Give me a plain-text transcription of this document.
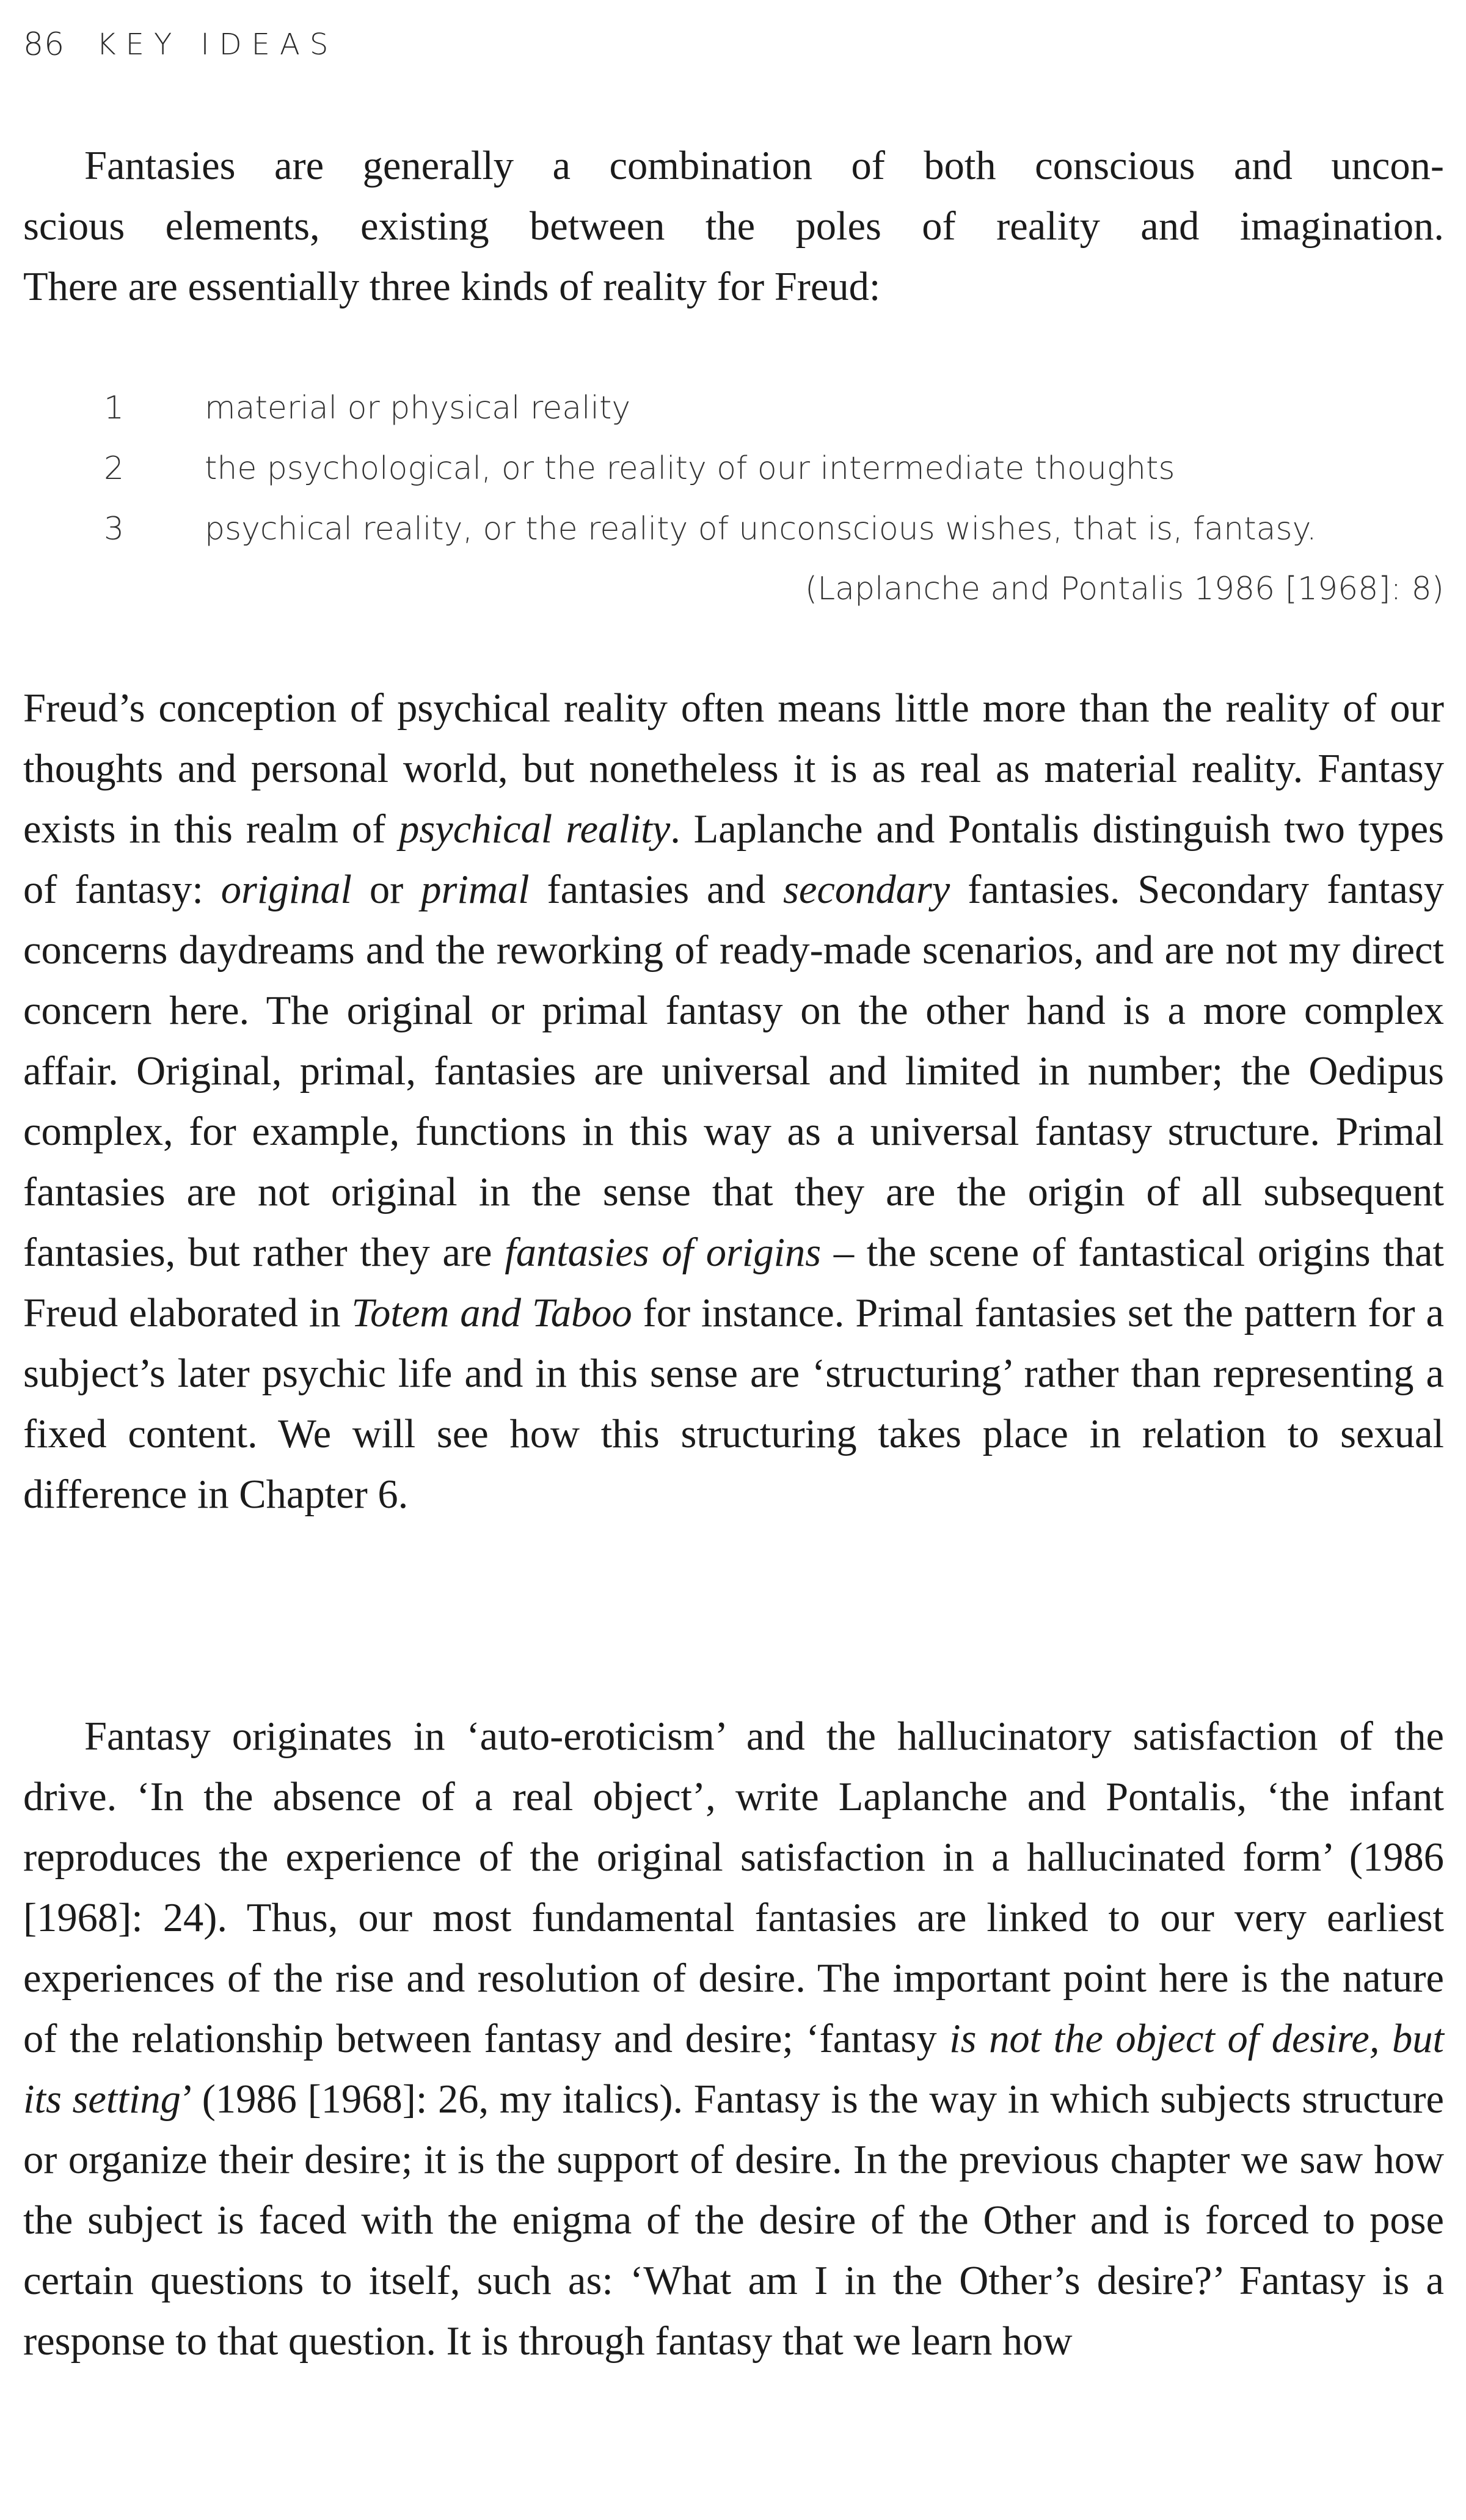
86 KEY IDEAS
Fantasies are generally a combination of both conscious and uncon-
scious elements, existing between the poles of reality and imagination.
There are essentially three kinds of reality for Freud:
1	material or physical reality
2	the psychological, or the reality of our intermediate thoughts
3	psychical reality, or the reality of unconscious wishes, that is, fantasy.
(Laplanche and Pontalis 1986 [1968]: 8)

Freud’s conception of psychical reality often means little more than the reality of our thoughts and personal world, but nonetheless it is as real as material reality. Fantasy exists in this realm of psychical reality. Laplanche and Pontalis distinguish two types of fantasy: original or primal fantasies and secondary fantasies. Secondary fantasy concerns daydreams and the reworking of ready-made scenarios, and are not my direct concern here. The original or primal fantasy on the other hand is a more complex affair. Original, primal, fantasies are universal and limited in number; the Oedipus complex, for example, functions in this way as a universal fantasy structure. Primal fantasies are not original in the sense that they are the origin of all subsequent fantasies, but rather they are fantasies of origins – the scene of fantastical origins that Freud elaborated in Totem and Taboo for instance. Primal fantasies set the pattern for a subject’s later psychic life and in this sense are ‘structuring’ rather than representing a fixed content. We will see how this structuring takes place in relation to sexual difference in Chapter 6.

Fantasy originates in ‘auto-eroticism’ and the hallucinatory satisfaction of the drive. ‘In the absence of a real object’, write Laplanche and Pontalis, ‘the infant reproduces the experience of the original satisfaction in a hallucinated form’ (1986 [1968]: 24). Thus, our most fundamental fantasies are linked to our very earliest experiences of the rise and resolution of desire. The important point here is the nature of the relationship between fantasy and desire; ‘fantasy is not the object of desire, but its setting’ (1986 [1968]: 26, my italics). Fantasy is the way in which subjects structure or organize their desire; it is the support of desire. In the previous chapter we saw how the subject is faced with the enigma of the desire of the Other and is forced to pose certain questions to itself, such as: ‘What am I in the Other’s desire?’ Fantasy is a response to that question. It is through fantasy that we learn how
